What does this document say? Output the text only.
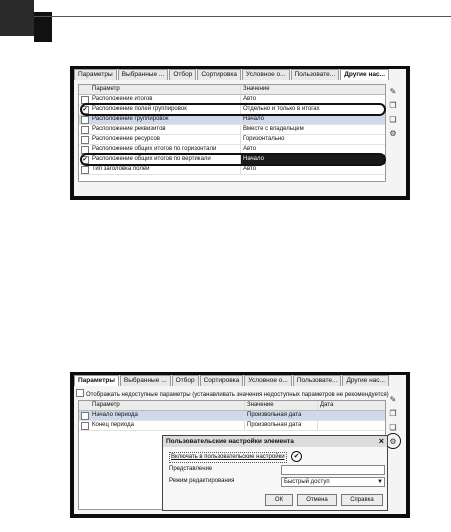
Параметры	Выбранные ...	Отбор	Сортировка	Условное о...	Пользовате...	Другие нас...
Параметр	Значение
Расположение итогов	Авто
✔ Расположение полей группировок	Отдельно и только в итогах
Расположение группировок	Начало
Расположение реквизитов	Вместе с владельцем
Расположение ресурсов	Горизонтально
Расположение общих итогов по горизонтали	Авто
✔ Расположение общих итогов по вертикали	Начало
Тип заголовка полей	Авто
✎
❐
❏
⚙
Параметры	Выбранные ...	Отбор	Сортировка	Условное о...	Пользовате...	Другие нас...
Отображать недоступные параметры (устанавливать значения недоступных параметров не рекомендуется)
Параметр	Значение	Дата
Начало периода	Произвольная дата
Конец периода	Произвольная дата
✎
❐
❏
⚙
Пользовательские настройки элемента	×
Включать в пользовательские настройки	✔
Представление
Режим редактирования	Быстрый доступ	▼
ОК	Отмена	Справка
